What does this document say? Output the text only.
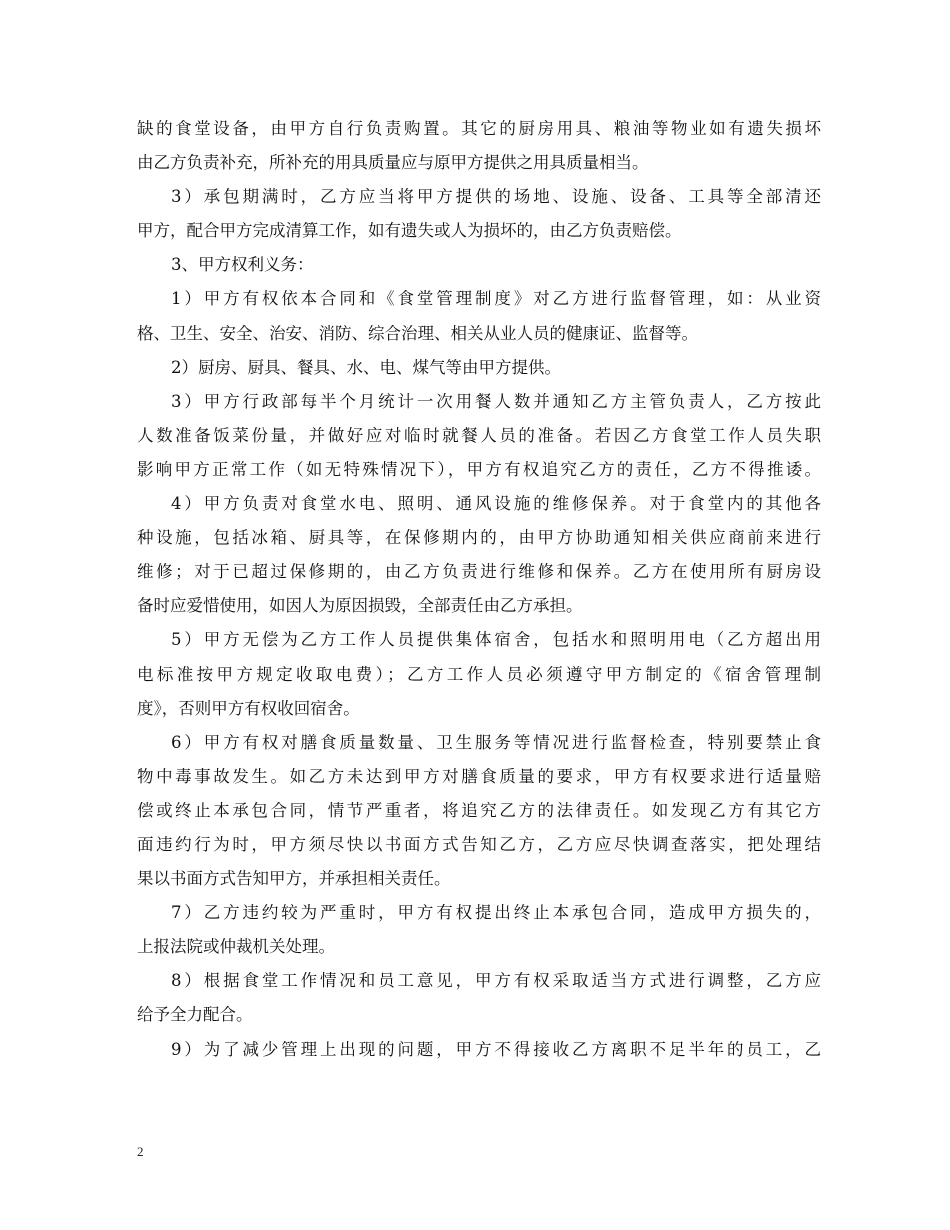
缺的食堂设备，由甲方自行负责购置。其它的厨房用具、粮油等物业如有遗失损坏
由乙方负责补充，所补充的用具质量应与原甲方提供之用具质量相当。
3）承包期满时，乙方应当将甲方提供的场地、设施、设备、工具等全部清还
甲方，配合甲方完成清算工作，如有遗失或人为损坏的，由乙方负责赔偿。
3、甲方权利义务：
1）甲方有权依本合同和《食堂管理制度》对乙方进行监督管理，如：从业资
格、卫生、安全、治安、消防、综合治理、相关从业人员的健康证、监督等。
2）厨房、厨具、餐具、水、电、煤气等由甲方提供。
3）甲方行政部每半个月统计一次用餐人数并通知乙方主管负责人，乙方按此
人数准备饭菜份量，并做好应对临时就餐人员的准备。若因乙方食堂工作人员失职
影响甲方正常工作（如无特殊情况下），甲方有权追究乙方的责任，乙方不得推诿。
4）甲方负责对食堂水电、照明、通风设施的维修保养。对于食堂内的其他各
种设施，包括冰箱、厨具等，在保修期内的，由甲方协助通知相关供应商前来进行
维修；对于已超过保修期的，由乙方负责进行维修和保养。乙方在使用所有厨房设
备时应爱惜使用，如因人为原因损毁，全部责任由乙方承担。
5）甲方无偿为乙方工作人员提供集体宿舍，包括水和照明用电（乙方超出用
电标准按甲方规定收取电费）；乙方工作人员必须遵守甲方制定的《宿舍管理制
度》，否则甲方有权收回宿舍。
6）甲方有权对膳食质量数量、卫生服务等情况进行监督检查，特别要禁止食
物中毒事故发生。如乙方未达到甲方对膳食质量的要求，甲方有权要求进行适量赔
偿或终止本承包合同，情节严重者，将追究乙方的法律责任。如发现乙方有其它方
面违约行为时，甲方须尽快以书面方式告知乙方，乙方应尽快调查落实，把处理结
果以书面方式告知甲方，并承担相关责任。
7）乙方违约较为严重时，甲方有权提出终止本承包合同，造成甲方损失的，
上报法院或仲裁机关处理。
8）根据食堂工作情况和员工意见，甲方有权采取适当方式进行调整，乙方应
给予全力配合。
9）为了减少管理上出现的问题，甲方不得接收乙方离职不足半年的员工，乙
2
